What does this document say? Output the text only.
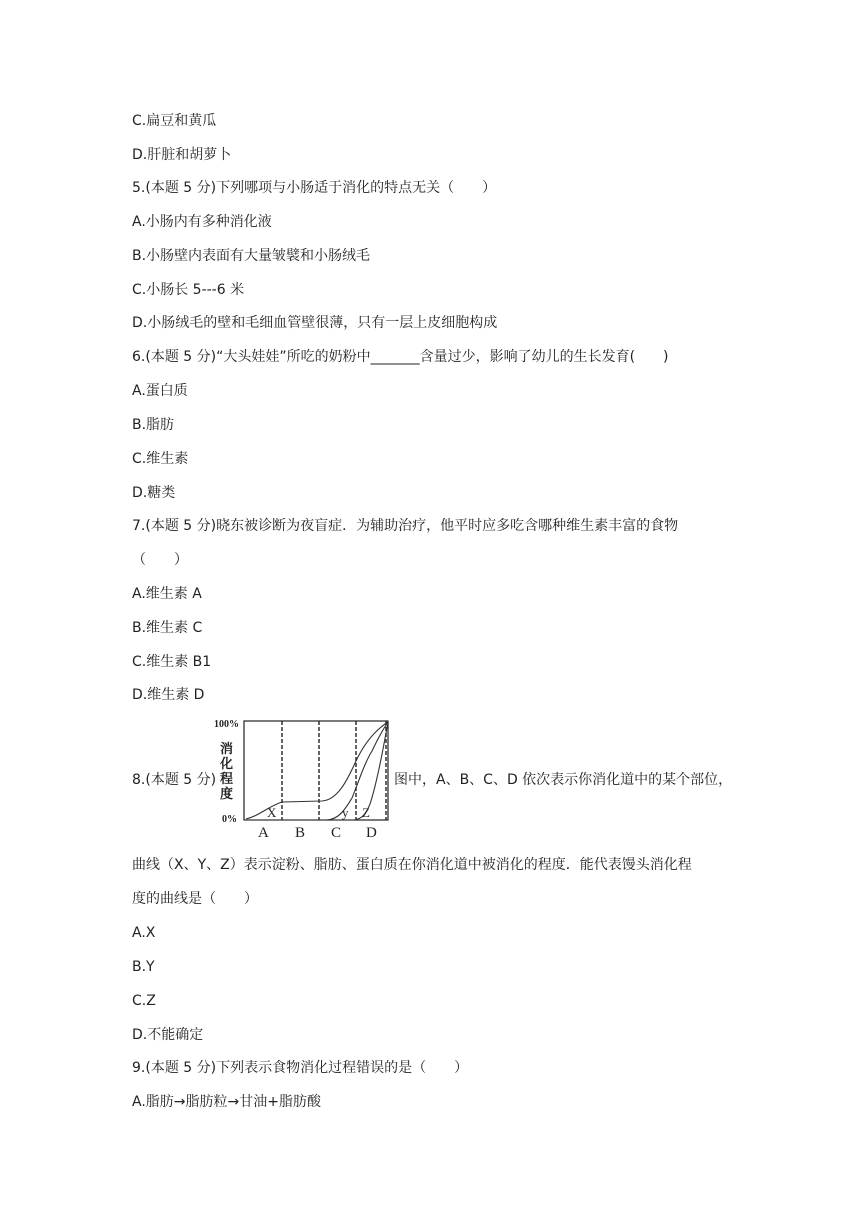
C.扁豆和黄瓜
D.肝脏和胡萝卜
5.(本题 5 分)下列哪项与小肠适于消化的特点无关（　　）
A.小肠内有多种消化液
B.小肠壁内表面有大量皱襞和小肠绒毛
C.小肠长 5---6 米
D.小肠绒毛的壁和毛细血管壁很薄，只有一层上皮细胞构成
6.(本题 5 分)“大头娃娃”所吃的奶粉中_______含量过少，影响了幼儿的生长发育(　　)
A.蛋白质
B.脂肪
C.维生素
D.糖类
7.(本题 5 分)晓东被诊断为夜盲症．为辅助治疗，他平时应多吃含哪种维生素丰富的食物
（　　）
A.维生素 A
B.维生素 C
C.维生素 B1
D.维生素 D
8.(本题 5 分)
100%
0%
消
化
程
度
X	y Z
A B C D
图中，A、B、C、D 依次表示你消化道中的某个部位，
曲线（X、Y、Z）表示淀粉、脂肪、蛋白质在你消化道中被消化的程度．能代表馒头消化程
度的曲线是（　　）
A.X
B.Y
C.Z
D.不能确定
9.(本题 5 分)下列表示食物消化过程错误的是（　　）
A.脂肪→脂肪粒→甘油+脂肪酸
